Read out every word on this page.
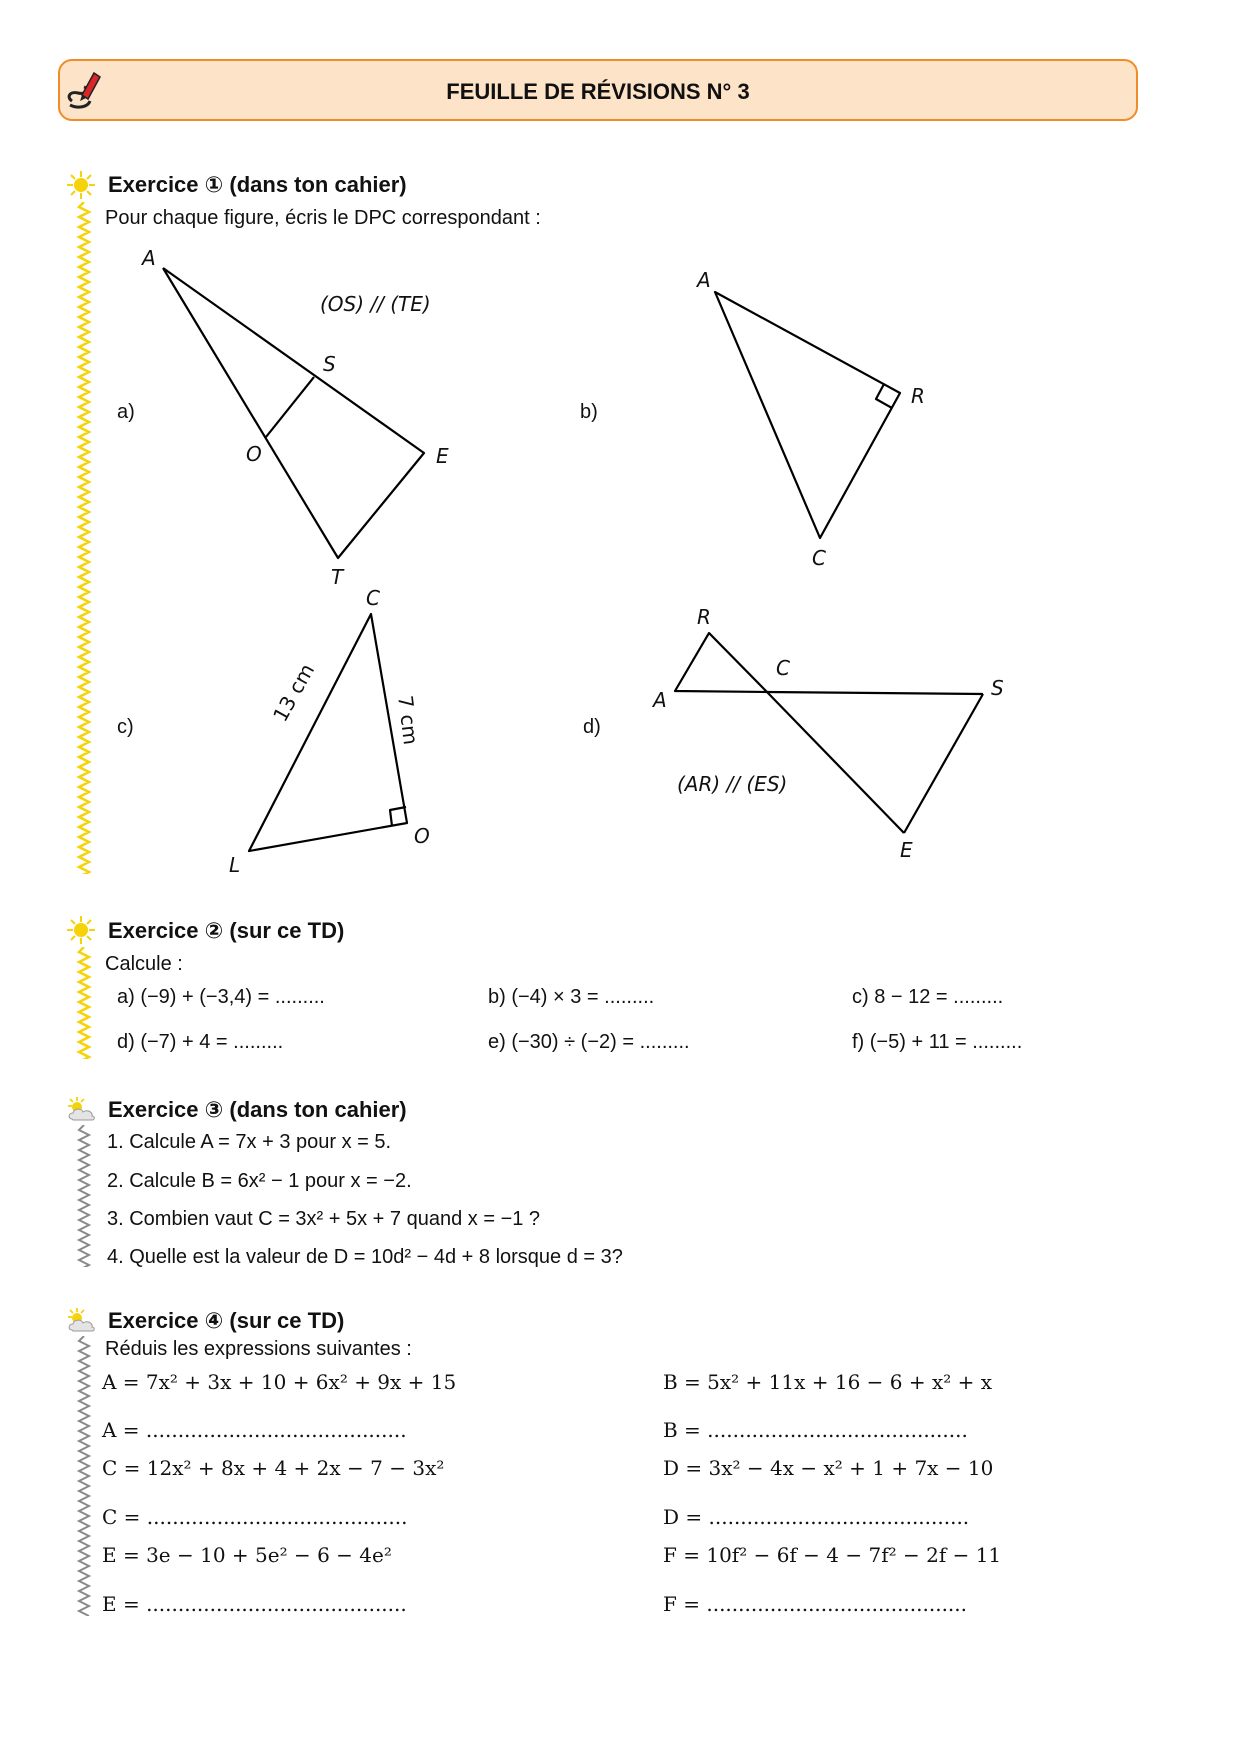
FEUILLE DE RÉVISIONS N° 3
Exercice ① (dans ton cahier)
Pour chaque figure, écris le DPC correspondant :
a)	b)
c)	d)
A
S
O	E
T
(OS) // (TE)
A
R
C
C
O
L
13 cm	7 cm
R
C
A	S
E
(AR) // (ES)
Exercice ② (sur ce TD)
Calcule :
a) (−9) + (−3,4) = .........	b) (−4) × 3 = .........	c) 8 − 12 = .........
d) (−7) + 4 = .........	e) (−30) ÷ (−2) = .........	f) (−5) + 11 = .........
Exercice ③ (dans ton cahier)
1. Calcule A = 7x + 3 pour x = 5.
2. Calcule B = 6x² − 1 pour x = −2.
3. Combien vaut C = 3x² + 5x + 7 quand x = −1 ?
4. Quelle est la valeur de D = 10d² − 4d + 8 lorsque d = 3?
Exercice ④ (sur ce TD)
Réduis les expressions suivantes :
A = 7x² + 3x + 10 + 6x² + 9x + 15
A = .........................................
C = 12x² + 8x + 4 + 2x − 7 − 3x²
C = .........................................
E = 3e − 10 + 5e² − 6 − 4e²
E = .........................................
B = 5x² + 11x + 16 − 6 + x² + x
B = .........................................
D = 3x² − 4x − x² + 1 + 7x − 10
D = .........................................
F = 10f² − 6f − 4 − 7f² − 2f − 11
F = .........................................
